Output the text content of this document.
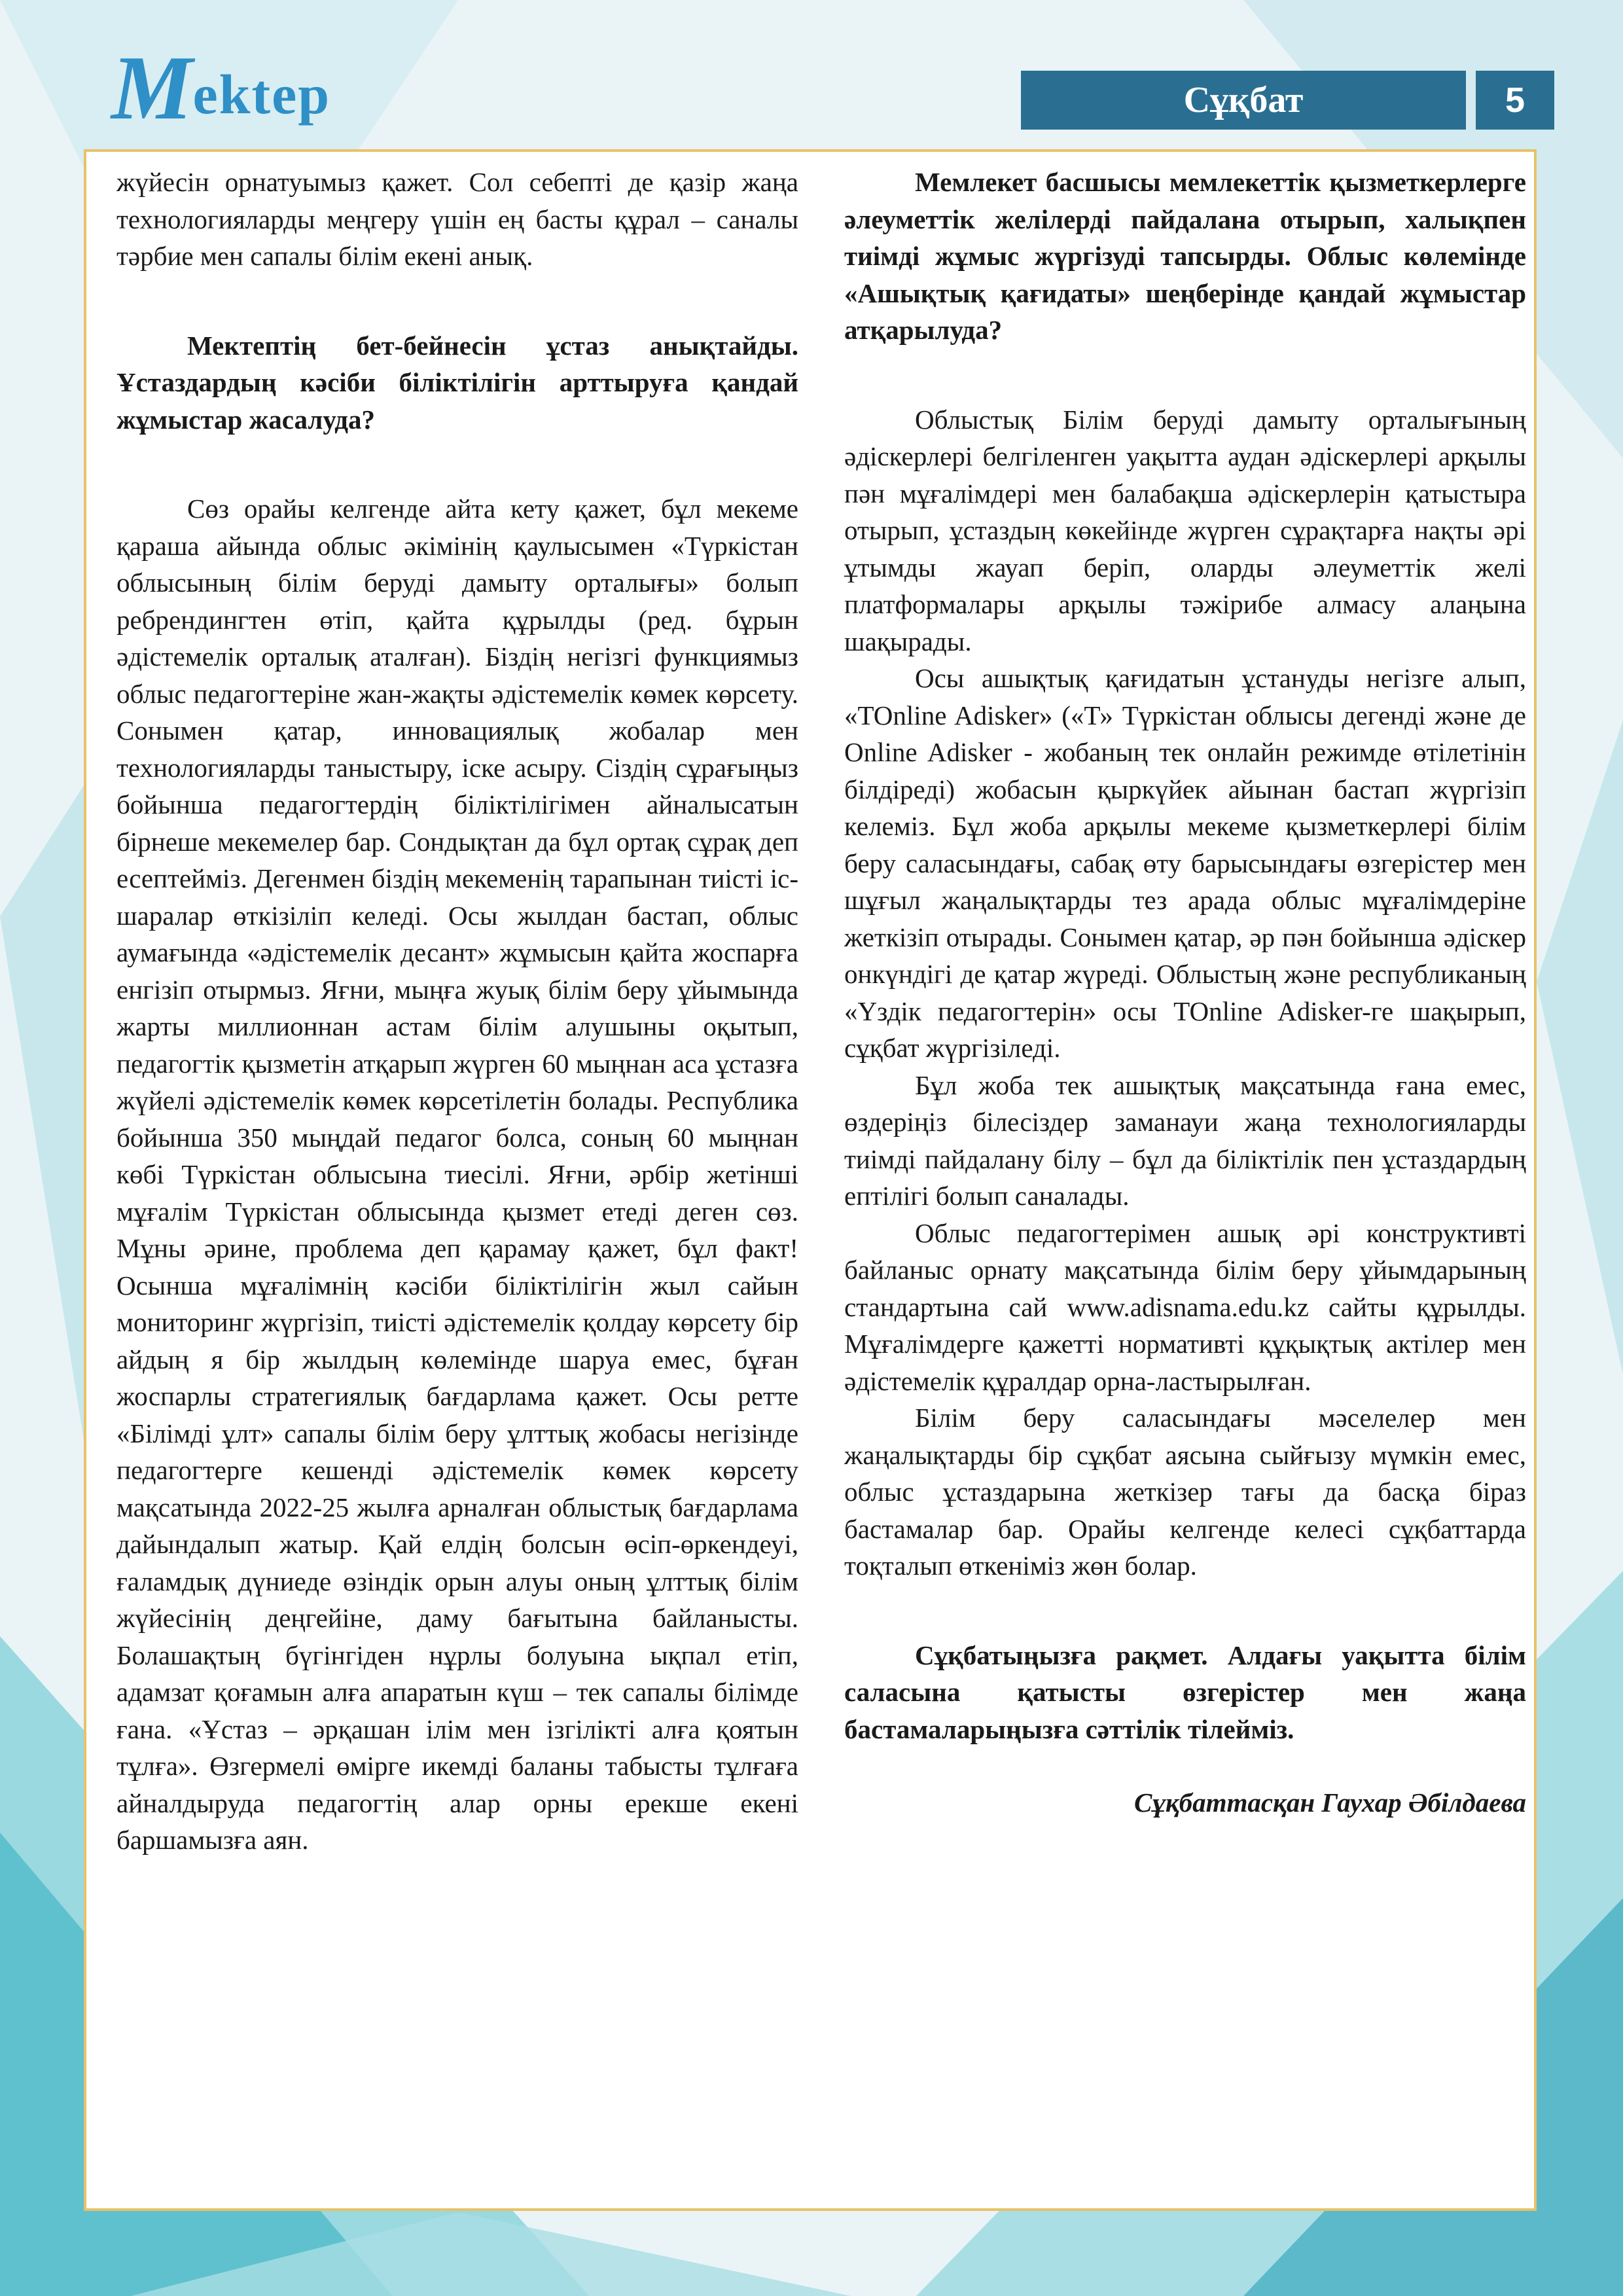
Mektep	Сұқбат	5

жүйесін орнатуымыз қажет. Сол себепті де қазір жаңа технологияларды меңгеру үшін ең басты құрал – саналы тәрбие мен сапалы білім екені анық.

Мектептің бет-бейнесін ұстаз анықтайды. Ұстаздардың кәсіби біліктілігін арттыруға қандай жұмыстар жасалуда?

Сөз орайы келгенде айта кету қажет, бұл мекеме қараша айында облыс әкімінің қаулысымен «Түркістан облысының білім беруді дамыту орталығы» болып ребрендингтен өтіп, қайта құрылды (ред. бұрын әдістемелік орталық аталған). Біздің негізгі функциямыз облыс педагогтеріне жан-жақты әдістемелік көмек көрсету. Сонымен қатар, инновациялық жобалар мен технологияларды таныстыру, іске асыру. Сіздің сұрағыңыз бойынша педагогтердің біліктілігімен айналысатын бірнеше мекемелер бар. Сондықтан да бұл ортақ сұрақ деп есептейміз. Дегенмен біздің мекеменің тарапынан тиісті іс-шаралар өткізіліп келеді. Осы жылдан бастап, облыс аумағында «әдістемелік десант» жұмысын қайта жоспарға енгізіп отырмыз. Яғни, мыңға жуық білім беру ұйымында жарты миллионнан астам білім алушыны оқытып, педагогтік қызметін атқарып жүрген 60 мыңнан аса ұстазға жүйелі әдістемелік көмек көрсетілетін болады. Республика бойынша 350 мыңдай педагог болса, соның 60 мыңнан көбі Түркістан облысына тиесілі. Яғни, әрбір жетінші мұғалім Түркістан облысында қызмет етеді деген сөз. Мұны әрине, проблема деп қарамау қажет, бұл факт! Осынша мұғалімнің кәсіби біліктілігін жыл сайын мониторинг жүргізіп, тиісті әдістемелік қолдау көрсету бір айдың я бір жылдың көлемінде шаруа емес, бұған жоспарлы стратегиялық бағдарлама қажет. Осы ретте «Білімді ұлт» сапалы білім беру ұлттық жобасы негізінде педагогтерге кешенді әдістемелік көмек көрсету мақсатында 2022-25 жылға арналған облыстық бағдарлама дайындалып жатыр. Қай елдің болсын өсіп-өркендеуі, ғаламдық дүниеде өзіндік орын алуы оның ұлттық білім жүйесінің деңгейіне, даму бағытына байланысты. Болашақтың бүгінгіден нұрлы болуына ықпал етіп, адамзат қоғамын алға апаратын күш – тек сапалы білімде ғана. «Ұстаз – әрқашан ілім мен ізгілікті алға қоятын тұлға». Өзгермелі өмірге икемді баланы табысты тұлғаға айналдыруда педагогтің алар орны ерекше екені баршамызға аян.

Мемлекет басшысы мемлекеттік қызметкерлерге әлеуметтік желілерді пайдалана отырып, халықпен тиімді жұмыс жүргізуді тапсырды. Облыс көлемінде «Ашықтық қағидаты» шеңберінде қандай жұмыстар атқарылуда?

Облыстық Білім беруді дамыту орталығының әдіскерлері белгіленген уақытта аудан әдіскерлері арқылы пән мұғалімдері мен балабақша әдіскерлерін қатыстыра отырып, ұстаздың көкейінде жүрген сұрақтарға нақты әрі ұтымды жауап беріп, оларды әлеуметтік желі платформалары арқылы тәжірибе алмасу алаңына шақырады.

Осы ашықтық қағидатын ұстануды негізге алып, «TOnline Adisker» («Т» Түркістан облысы дегенді және де Online Adisker - жобаның тек онлайн режимде өтілетінін білдіреді) жобасын қыркүйек айынан бастап жүргізіп келеміз. Бұл жоба арқылы мекеме қызметкерлері білім беру саласындағы, сабақ өту барысындағы өзгерістер мен шұғыл жаңалықтарды тез арада облыс мұғалімдеріне жеткізіп отырады. Сонымен қатар, әр пән бойынша әдіскер онкүндігі де қатар жүреді. Облыстың және республиканың «Үздік педагогтерін» осы TOnline Adisker-ге шақырып, сұқбат жүргізіледі.

Бұл жоба тек ашықтық мақсатында ғана емес, өздеріңіз білесіздер заманауи жаңа технологияларды тиімді пайдалану білу – бұл да біліктілік пен ұстаздардың ептілігі болып саналады.

Облыс педагогтерімен ашық әрі конструктивті байланыс орнату мақсатында білім беру ұйымдарының стандартына сай www.adisnama.edu.kz сайты құрылды. Мұғалімдерге қажетті нормативті құқықтық актілер мен әдістемелік құралдар орна-ластырылған.

Білім беру саласындағы мәселелер мен жаңалықтарды бір сұқбат аясына сыйғызу мүмкін емес, облыс ұстаздарына жеткізер тағы да басқа біраз бастамалар бар. Орайы келгенде келесі сұқбаттарда тоқталып өткеніміз жөн болар.

Сұқбатыңызға рақмет. Алдағы уақытта білім саласына қатысты өзгерістер мен жаңа бастамаларыңызға сәттілік тілейміз.

Сұқбаттасқан Гаухар Әбілдаева
